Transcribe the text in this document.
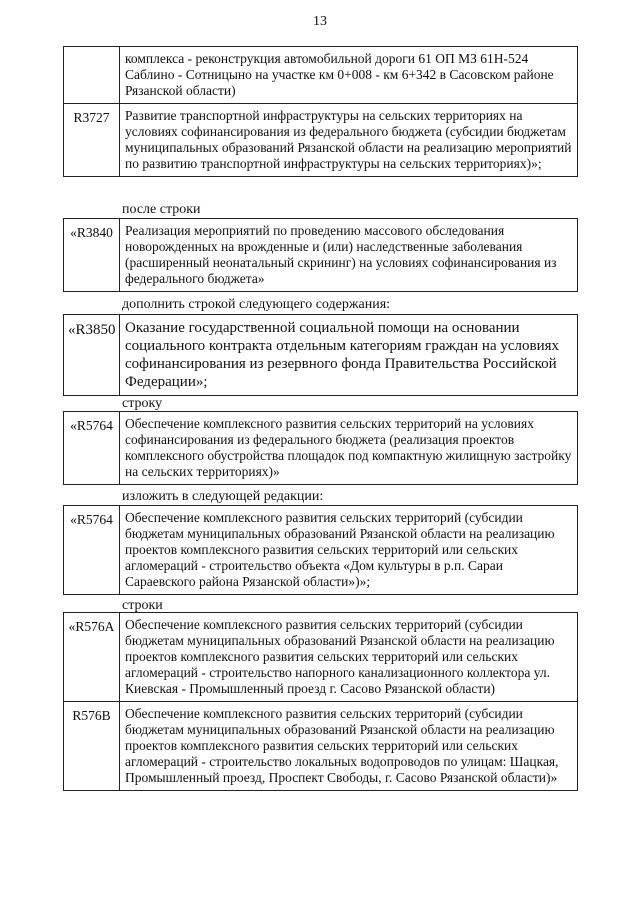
13
комплекса - реконструкция автомобильной дороги 61 ОП МЗ 61Н-524 Саблино - Сотницыно на участке км 0+008 - км 6+342 в Сасовском районе Рязанской области)
R3727	Развитие транспортной инфраструктуры на сельских территориях на условиях софинансирования из федерального бюджета (субсидии бюджетам муниципальных образований Рязанской области на реализацию мероприятий по развитию транспортной инфраструктуры на сельских территориях)»;
после строки
«R3840 Реализация мероприятий по проведению массового обследования новорожденных на врожденные и (или) наследственные заболевания (расширенный неонатальный скрининг) на условиях софинансирования из федерального бюджета»
дополнить строкой следующего содержания:
«R3850 Оказание государственной социальной помощи на основании социального контракта отдельным категориям граждан на условиях софинансирования из резервного фонда Правительства Российской Федерации»;
строку
«R5764 Обеспечение комплексного развития сельских территорий на условиях софинансирования из федерального бюджета (реализация проектов комплексного обустройства площадок под компактную жилищную застройку на сельских территориях)»
изложить в следующей редакции:
«R5764 Обеспечение комплексного развития сельских территорий (субсидии бюджетам муниципальных образований Рязанской области на реализацию проектов комплексного развития сельских территорий или сельских агломераций - строительство объекта «Дом культуры в р.п. Сараи Сараевского района Рязанской области»)»;
строки
«R576A Обеспечение комплексного развития сельских территорий (субсидии бюджетам муниципальных образований Рязанской области на реализацию проектов комплексного развития сельских территорий или сельских агломераций - строительство напорного канализационного коллектора ул. Киевская - Промышленный проезд г. Сасово Рязанской области)
R576B	Обеспечение комплексного развития сельских территорий (субсидии бюджетам муниципальных образований Рязанской области на реализацию проектов комплексного развития сельских территорий или сельских агломераций - строительство локальных водопроводов по улицам: Шацкая, Промышленный проезд, Проспект Свободы, г. Сасово Рязанской области)»
